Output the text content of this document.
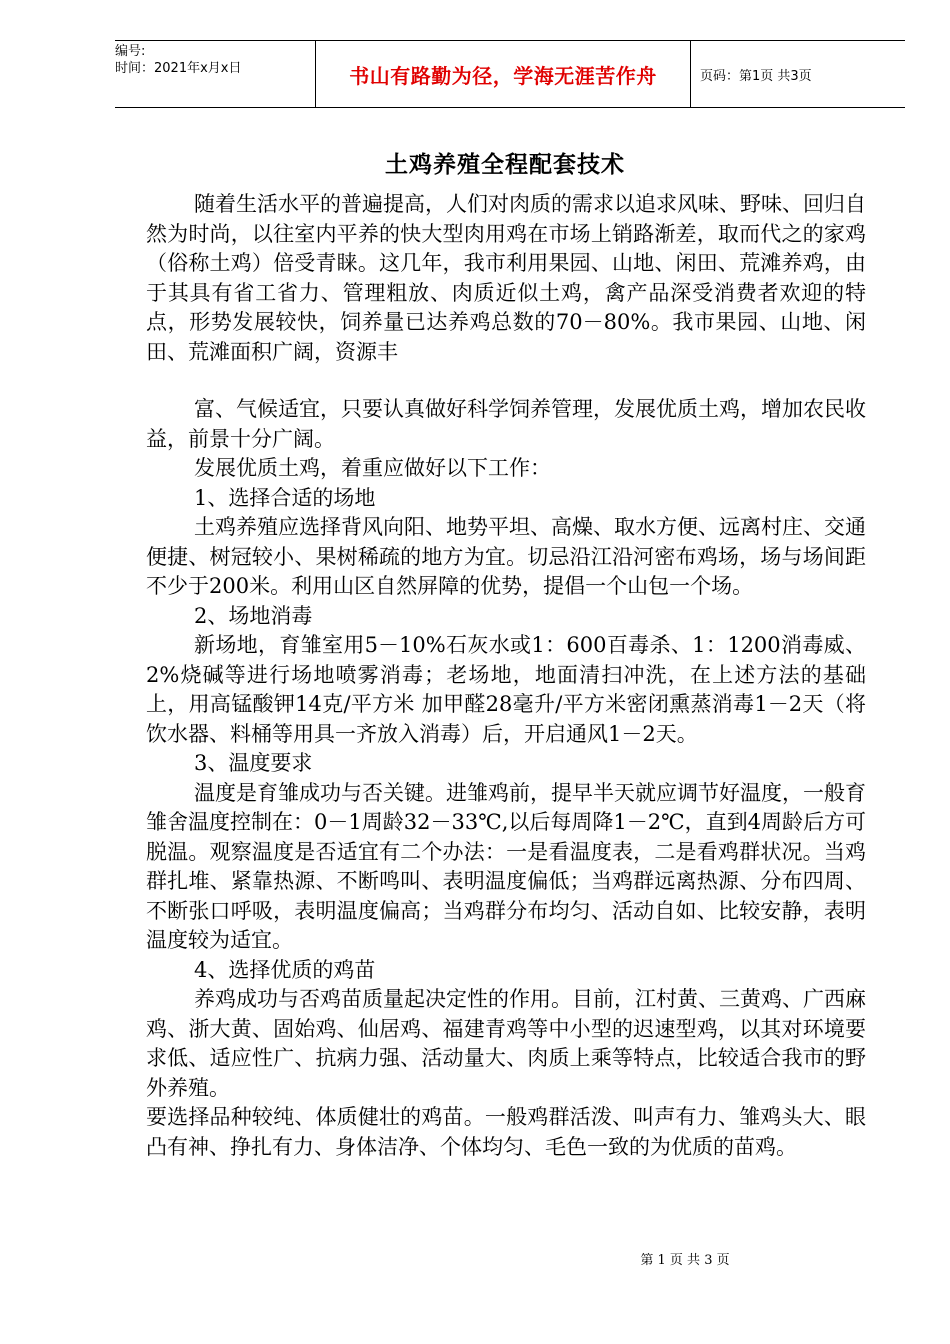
编号:
时间：2021年x月x日	书山有路勤为径，学海无涯苦作舟	页码：第1页 共3页
土鸡养殖全程配套技术

随着生活水平的普遍提高，人们对肉质的需求以追求风味、野味、回归自然为时尚，以往室内平养的快大型肉用鸡在市场上销路渐差，取而代之的家鸡（俗称土鸡）倍受青睐。这几年，我市利用果园、山地、闲田、荒滩养鸡，由于其具有省工省力、管理粗放、肉质近似土鸡，禽产品深受消费者欢迎的特点，形势发展较快，饲养量已达养鸡总数的70－80%。我市果园、山地、闲田、荒滩面积广阔，资源丰

富、气候适宜，只要认真做好科学饲养管理，发展优质土鸡，增加农民收益，前景十分广阔。

发展优质土鸡，着重应做好以下工作：

1、选择合适的场地

土鸡养殖应选择背风向阳、地势平坦、高燥、取水方便、远离村庄、交通便捷、树冠较小、果树稀疏的地方为宜。切忌沿江沿河密布鸡场，场与场间距不少于200米。利用山区自然屏障的优势，提倡一个山包一个场。

2、场地消毒

新场地，育雏室用5－10%石灰水或1：600百毒杀、1：1200消毒威、2%烧碱等进行场地喷雾消毒；老场地，地面清扫冲洗，在上述方法的基础上，用高锰酸钾14克/平方米 加甲醛28毫升/平方米密闭熏蒸消毒1－2天（将饮水器、料桶等用具一齐放入消毒）后，开启通风1－2天。

3、温度要求

温度是育雏成功与否关键。进雏鸡前，提早半天就应调节好温度，一般育雏舍温度控制在：0－1周龄32－33℃,以后每周降1－2℃，直到4周龄后方可脱温。观察温度是否适宜有二个办法：一是看温度表，二是看鸡群状况。当鸡群扎堆、紧靠热源、不断鸣叫、表明温度偏低；当鸡群远离热源、分布四周、不断张口呼吸，表明温度偏高；当鸡群分布均匀、活动自如、比较安静，表明温度较为适宜。

4、选择优质的鸡苗

养鸡成功与否鸡苗质量起决定性的作用。目前，江村黄、三黄鸡、广西麻鸡、浙大黄、固始鸡、仙居鸡、福建青鸡等中小型的迟速型鸡，以其对环境要求低、适应性广、抗病力强、活动量大、肉质上乘等特点，比较适合我市的野外养殖。

要选择品种较纯、体质健壮的鸡苗。一般鸡群活泼、叫声有力、雏鸡头大、眼凸有神、挣扎有力、身体洁净、个体均匀、毛色一致的为优质的苗鸡。

第 1 页 共 3 页
